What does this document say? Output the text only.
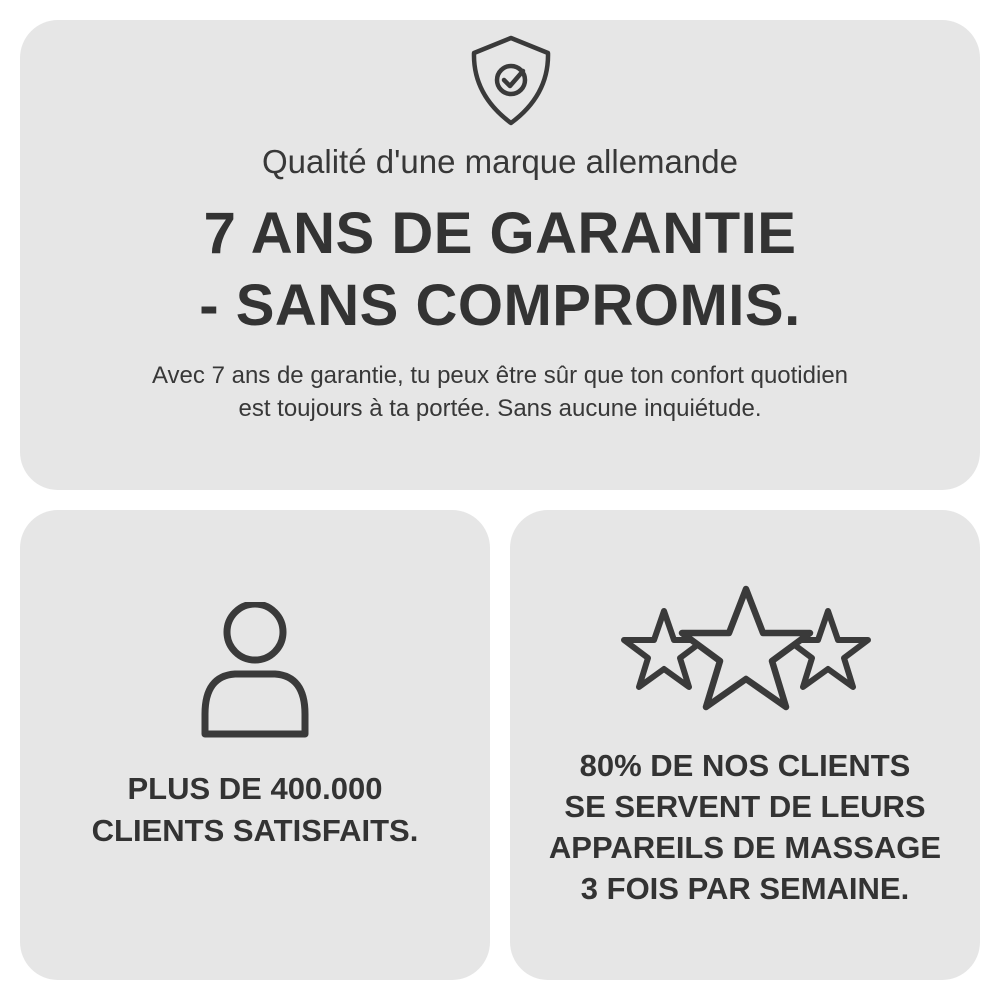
Qualité d'une marque allemande
7 ANS DE GARANTIE
- SANS COMPROMIS.
Avec 7 ans de garantie, tu peux être sûr que ton confort quotidien est toujours à ta portée. Sans aucune inquiétude.
PLUS DE 400.000
CLIENTS SATISFAITS.
80% DE NOS CLIENTS
SE SERVENT DE LEURS
APPAREILS DE MASSAGE
3 FOIS PAR SEMAINE.
